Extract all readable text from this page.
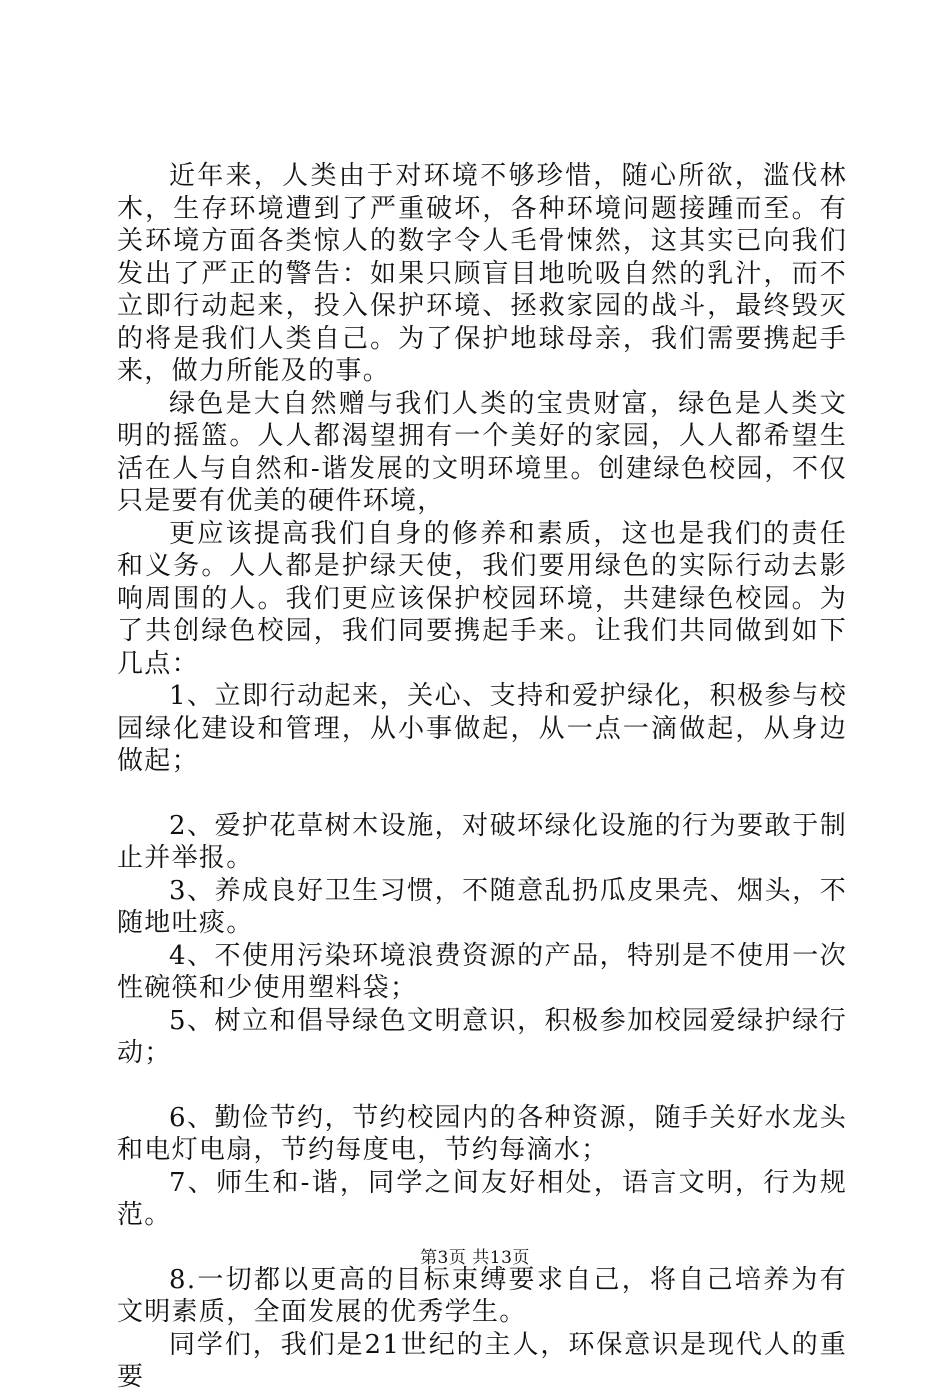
近年来，人类由于对环境不够珍惜，随心所欲，滥伐林木，生存环境遭到了严重破坏，各种环境问题接踵而至。有关环境方面各类惊人的数字令人毛骨悚然，这其实已向我们发出了严正的警告：如果只顾盲目地吮吸自然的乳汁，而不立即行动起来，投入保护环境、拯救家园的战斗，最终毁灭的将是我们人类自己。为了保护地球母亲，我们需要携起手来，做力所能及的事。

绿色是大自然赠与我们人类的宝贵财富，绿色是人类文明的摇篮。人人都渴望拥有一个美好的家园，人人都希望生活在人与自然和-谐发展的文明环境里。创建绿色校园，不仅只是要有优美的硬件环境，

更应该提高我们自身的修养和素质，这也是我们的责任和义务。人人都是护绿天使，我们要用绿色的实际行动去影响周围的人。我们更应该保护校园环境，共建绿色校园。为了共创绿色校园，我们同要携起手来。让我们共同做到如下几点：

1、立即行动起来，关心、支持和爱护绿化，积极参与校园绿化建设和管理，从小事做起，从一点一滴做起，从身边做起；

2、爱护花草树木设施，对破坏绿化设施的行为要敢于制止并举报。

3、养成良好卫生习惯，不随意乱扔瓜皮果壳、烟头，不随地吐痰。

4、不使用污染环境浪费资源的产品，特别是不使用一次性碗筷和少使用塑料袋；

5、树立和倡导绿色文明意识，积极参加校园爱绿护绿行动；

6、勤俭节约，节约校园内的各种资源，随手关好水龙头和电灯电扇，节约每度电，节约每滴水；

7、师生和-谐，同学之间友好相处，语言文明，行为规范。

8.一切都以更高的目标束缚要求自己，将自己培养为有文明素质，全面发展的优秀学生。

同学们，我们是21世纪的主人，环保意识是现代人的重要

第3页 共13页
